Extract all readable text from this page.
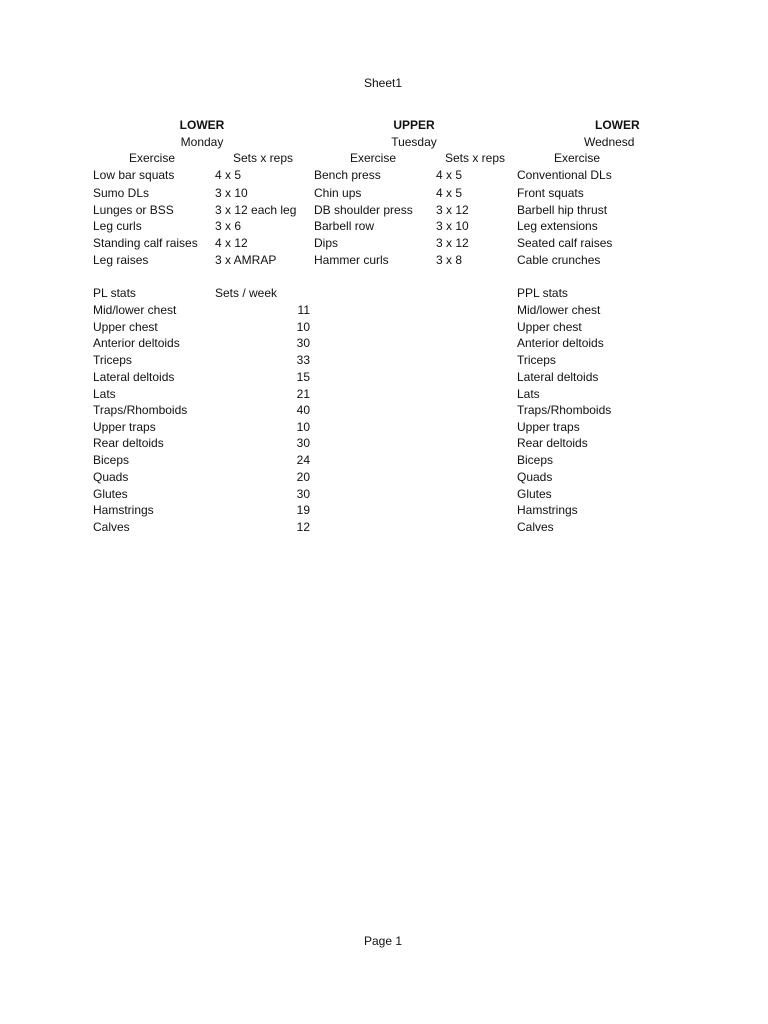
Sheet1
Page 1
LOWER
Monday
Exercise	Sets x reps
Low bar squats	4 x 5
Sumo DLs	3 x 10
Lunges or BSS	3 x 12 each leg
Leg curls	3 x 6
Standing calf raises 4 x 12
Leg raises	3 x AMRAP
UPPER
Tuesday
Exercise	Sets x reps
Bench press	4 x 5
Chin ups	4 x 5
DB shoulder press 3 x 12
Barbell row	3 x 10
Dips	3 x 12
Hammer curls	3 x 8
LOWER
Wednesd
Exercise
Conventional DLs
Front squats
Barbell hip thrust
Leg extensions
Seated calf raises
Cable crunches
PL stats	Sets / week
Mid/lower chest	11
Upper chest	10
Anterior deltoids	30
Triceps	33
Lateral deltoids	15
Lats	21
Traps/Rhomboids	40
Upper traps	10
Rear deltoids	30
Biceps	24
Quads	20
Glutes	30
Hamstrings	19
Calves	12
PPL stats
Mid/lower chest
Upper chest
Anterior deltoids
Triceps
Lateral deltoids
Lats
Traps/Rhomboids
Upper traps
Rear deltoids
Biceps
Quads
Glutes
Hamstrings
Calves
